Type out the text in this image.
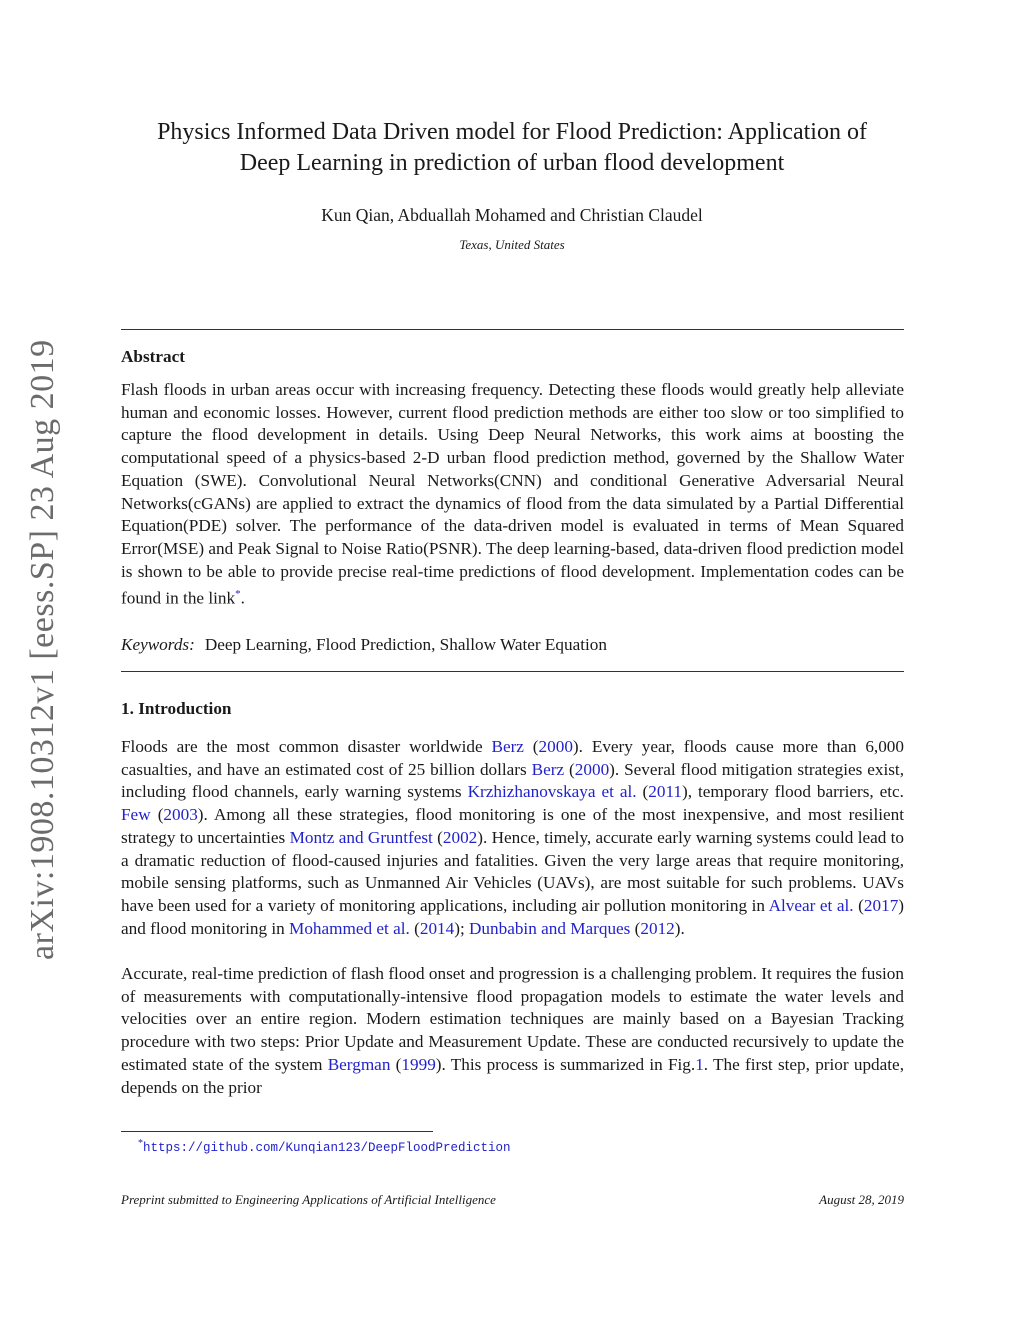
arXiv:1908.10312v1 [eess.SP] 23 Aug 2019
Physics Informed Data Driven model for Flood Prediction: Application of
Deep Learning in prediction of urban flood development
Kun Qian, Abduallah Mohamed and Christian Claudel
Texas, United States
Abstract
Flash floods in urban areas occur with increasing frequency. Detecting these floods would greatly help alleviate human and economic losses. However, current flood prediction methods are either too slow or too simplified to capture the flood development in details. Using Deep Neural Networks, this work aims at boosting the computational speed of a physics-based 2-D urban flood prediction method, governed by the Shallow Water Equation (SWE). Convolutional Neural Networks(CNN) and conditional Generative Adversarial Neural Networks(cGANs) are applied to extract the dynamics of flood from the data simulated by a Partial Differential Equation(PDE) solver. The performance of the data-driven model is evaluated in terms of Mean Squared Error(MSE) and Peak Signal to Noise Ratio(PSNR). The deep learning-based, data-driven flood prediction model is shown to be able to provide precise real-time predictions of flood development. Implementation codes can be found in the link*.
Keywords: Deep Learning, Flood Prediction, Shallow Water Equation
1. Introduction
Floods are the most common disaster worldwide Berz (2000). Every year, floods cause more than 6,000 casualties, and have an estimated cost of 25 billion dollars Berz (2000). Several flood mitigation strategies exist, including flood channels, early warning systems Krzhizhanovskaya et al. (2011), temporary flood barriers, etc. Few (2003). Among all these strategies, flood monitoring is one of the most inexpensive, and most resilient strategy to uncertainties Montz and Gruntfest (2002). Hence, timely, accurate early warning systems could lead to a dramatic reduction of flood-caused injuries and fatalities. Given the very large areas that require monitoring, mobile sensing platforms, such as Unmanned Air Vehicles (UAVs), are most suitable for such problems. UAVs have been used for a variety of monitoring applications, including air pollution monitoring in Alvear et al. (2017) and flood monitoring in Mohammed et al. (2014); Dunbabin and Marques (2012).
Accurate, real-time prediction of flash flood onset and progression is a challenging problem. It requires the fusion of measurements with computationally-intensive flood propagation models to estimate the water levels and velocities over an entire region. Modern estimation techniques are mainly based on a Bayesian Tracking procedure with two steps: Prior Update and Measurement Update. These are conducted recursively to update the estimated state of the system Bergman (1999). This process is summarized in Fig.1. The first step, prior update, depends on the prior
*https://github.com/Kunqian123/DeepFloodPrediction
Preprint submitted to Engineering Applications of Artificial Intelligence	August 28, 2019
